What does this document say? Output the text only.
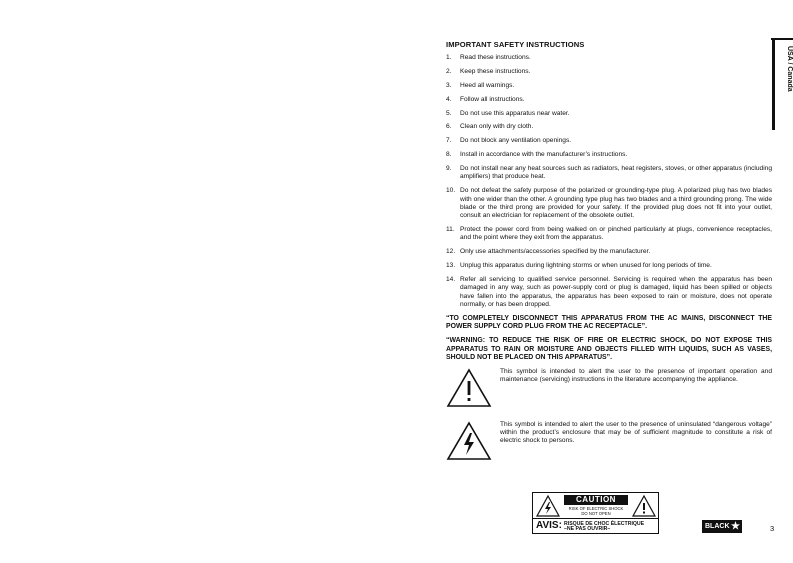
USA / Canada
IMPORTANT SAFETY INSTRUCTIONS
1.	Read these instructions.
2.	Keep these instructions.
3.	Heed all warnings.
4.	Follow all instructions.
5.	Do not use this apparatus near water.
6.	Clean only with dry cloth.
7.	Do not block any ventilation openings.
8.	Install in accordance with the manufacturer’s instructions.
9.	Do not install near any heat sources such as radiators, heat registers, stoves, or other apparatus (including amplifiers) that produce heat.
10. Do not defeat the safety purpose of the polarized or grounding-type plug. A polarized plug has two blades with one wider than the other. A grounding type plug has two blades and a third grounding prong. The wide blade or the third prong are provided for your safety. If the provided plug does not fit into your outlet, consult an electrician for replacement of the obsolete outlet.
11. Protect the power cord from being walked on or pinched particularly at plugs, convenience receptacles, and the point where they exit from the apparatus.
12. Only use attachments/accessories specified by the manufacturer.
13. Unplug this apparatus during lightning storms or when unused for long periods of time.
14. Refer all servicing to qualified service personnel. Servicing is required when the apparatus has been damaged in any way, such as power-supply cord or plug is damaged, liquid has been spilled or objects have fallen into the apparatus, the apparatus has been exposed to rain or moisture, does not operate normally, or has been dropped.
“TO COMPLETELY DISCONNECT THIS APPARATUS FROM THE AC MAINS, DISCONNECT THE POWER SUPPLY CORD PLUG FROM THE AC RECEPTACLE”.
“WARNING: TO REDUCE THE RISK OF FIRE OR ELECTRIC SHOCK, DO NOT EXPOSE THIS APPARATUS TO RAIN OR MOISTURE AND OBJECTS FILLED WITH LIQUIDS, SUCH AS VASES, SHOULD NOT BE PLACED ON THIS APPARATUS”.
This symbol is intended to alert the user to the presence of important operation and maintenance (servicing) instructions in the literature accompanying the appliance.
This symbol is intended to alert the user to the presence of uninsulated “dangerous voltage” within the product’s enclosure that may be of sufficient magnitude to constitute a risk of electric shock to persons.
CAUTION
RISK OF ELECTRIC SHOCK
DO NOT OPEN
AVIS: RISQUE DE CHOC ÉLECTRIQUE
–NE PAS OUVRIR–	BLACK ★	3
